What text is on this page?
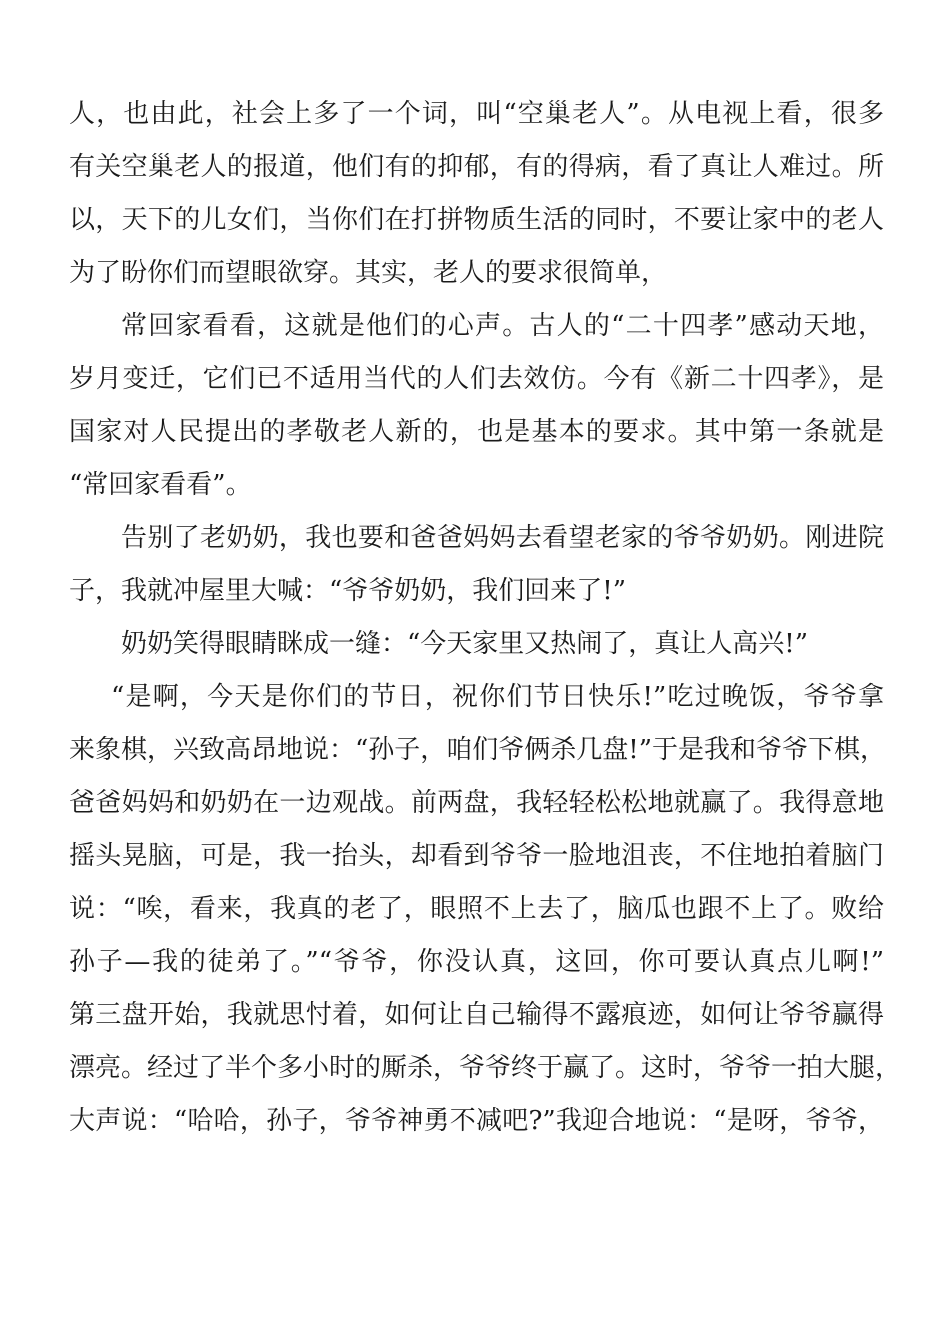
人，也由此，社会上多了一个词，叫“空巢老人”。从电视上看，很多
有关空巢老人的报道，他们有的抑郁，有的得病，看了真让人难过。所
以，天下的儿女们，当你们在打拼物质生活的同时，不要让家中的老人
为了盼你们而望眼欲穿。其实，老人的要求很简单，
常回家看看，这就是他们的心声。古人的“二十四孝”感动天地，
岁月变迁，它们已不适用当代的人们去效仿。今有《新二十四孝》，是
国家对人民提出的孝敬老人新的，也是基本的要求。其中第一条就是
“常回家看看”。
告别了老奶奶，我也要和爸爸妈妈去看望老家的爷爷奶奶。刚进院
子，我就冲屋里大喊：“爷爷奶奶，我们回来了!”
奶奶笑得眼睛眯成一缝：“今天家里又热闹了，真让人高兴!”
“是啊，今天是你们的节日，祝你们节日快乐!”吃过晚饭，爷爷拿
来象棋，兴致高昂地说：“孙子，咱们爷俩杀几盘!”于是我和爷爷下棋，
爸爸妈妈和奶奶在一边观战。前两盘，我轻轻松松地就赢了。我得意地
摇头晃脑，可是，我一抬头，却看到爷爷一脸地沮丧，不住地拍着脑门
说：“唉，看来，我真的老了，眼照不上去了，脑瓜也跟不上了。败给
孙子—我的徒弟了。”“爷爷，你没认真，这回，你可要认真点儿啊!”
第三盘开始，我就思忖着，如何让自己输得不露痕迹，如何让爷爷赢得
漂亮。经过了半个多小时的厮杀，爷爷终于赢了。这时，爷爷一拍大腿，
大声说：“哈哈，孙子，爷爷神勇不减吧?”我迎合地说：“是呀，爷爷，
